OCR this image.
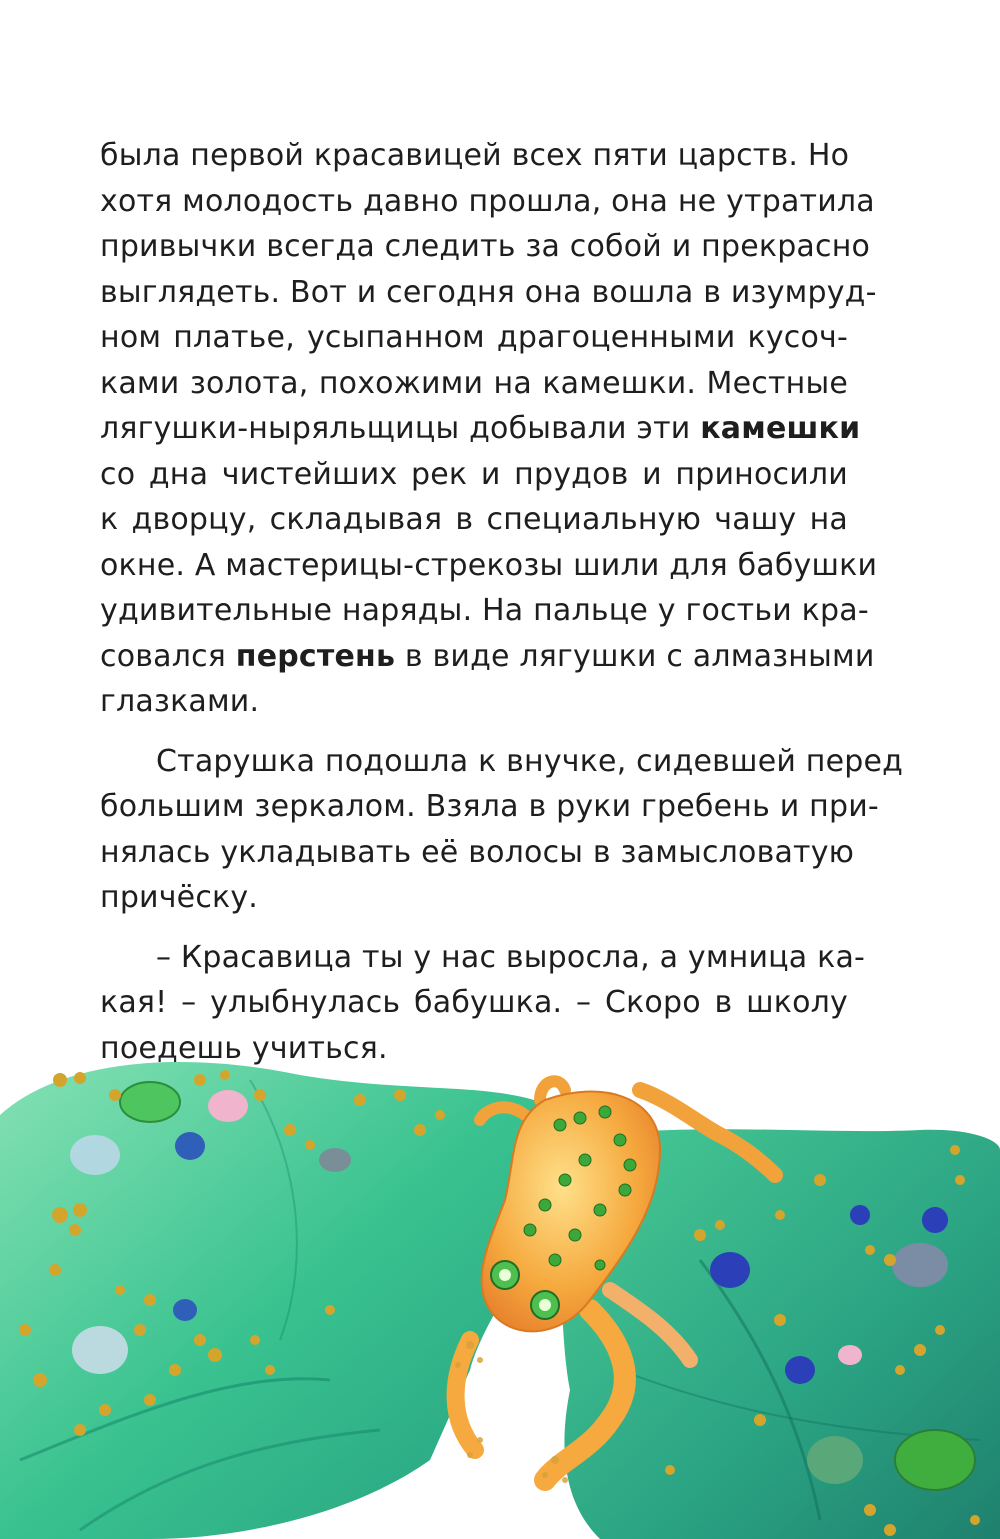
была первой красавицей всех пяти царств. Но
хотя молодость давно прошла, она не утратила
привычки всегда следить за собой и прекрасно
выглядеть. Вот и сегодня она вошла в изумруд-
ном платье, усыпанном драгоценными кусоч-
ками золота, похожими на камешки. Местные
лягушки-ныряльщицы добывали эти камешки
со дна чистейших рек и прудов и приносили
к дворцу, складывая в специальную чашу на
окне. А мастерицы-стрекозы шили для бабушки
удивительные наряды. На пальце у гостьи кра-
совался перстень в виде лягушки с алмазными
глазками.
Старушка подошла к внучке, сидевшей перед
большим зеркалом. Взяла в руки гребень и при-
нялась укладывать её волосы в замысловатую
причёску.
– Красавица ты у нас выросла, а умница ка-
кая! – улыбнулась бабушка. – Скоро в школу
поедешь учиться.
